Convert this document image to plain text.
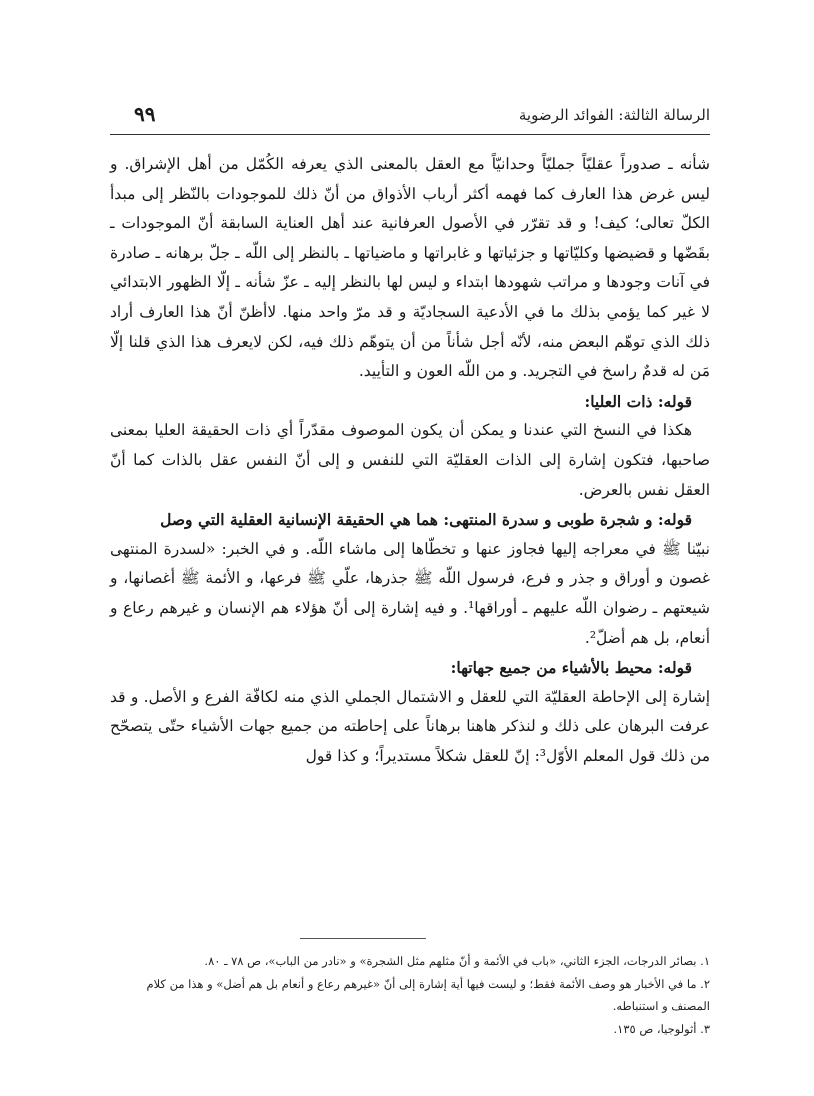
الرسالة الثالثة: الفوائد الرضوية
۹۹

شأنه ـ صدوراً عقليّاً جمليّاً وحدانيّاً مع العقل بالمعنى الذي يعرفه الكُمّل من أهل الإشراق. و ليس غرض هذا العارف كما فهمه أكثر أرباب الأذواق من أنّ ذلك للموجودات بالنّظر إلى مبدأ الكلّ تعالى؛ كيف! و قد تقرّر في الأصول العرفانية عند أهل العناية السابقة أنّ الموجودات ـ بقَضّها و قضيضها وكليّاتها و جزئياتها و غابراتها و ماضياتها ـ بالنظر إلى اللّه ـ جلّ برهانه ـ صادرة في آنات وجودها و مراتب شهودها ابتداء و ليس لها بالنظر إليه ـ عزّ شأنه ـ إلّا الظهور الابتدائي لا غير كما يؤمي بذلك ما في الأدعية السجاديّة و قد مرّ واحد منها. لاأظنّ أنّ هذا العارف أراد ذلك الذي توهّم البعض منه، لأنّه أجل شأناً من أن يتوهّم ذلك فيه، لكن لايعرف هذا الذي قلنا إلّا مَن له قدمٌ راسخ في التجريد. و من اللّه العون و التأييد.

قوله: ذات العليا:

هكذا في النسخ التي عندنا و يمكن أن يكون الموصوف مقدّراً أي ذات الحقيقة العليا بمعنى صاحبها، فتكون إشارة إلى الذات العقليّة التي للنفس و إلى أنّ النفس عقل بالذات كما أنّ العقل نفس بالعرض.

قوله: و شجرة طوبى و سدرة المنتهى: هما هي الحقيقة الإنسانية العقلية التي وصل

نبيّنا ﷺ في معراجه إليها فجاوز عنها و تخطّاها إلى ماشاء اللّه. و في الخبر: «لسدرة المنتهى غصون و أوراق و جذر و فرع، فرسول اللّه ﷺ جذرها، علّي ﷺ فرعها، و الأئمة ﷺ أغصانها، و شيعتهم ـ رضوان اللّه عليهم ـ أوراقها¹. و فيه إشارة إلى أنّ هؤلاء هم الإنسان و غيرهم رعاع و أنعام، بل هم أضلّ².

قوله: محيط بالأشياء من جميع جهاتها:

إشارة إلى الإحاطة العقليّة التي للعقل و الاشتمال الجملي الذي منه لكافّة الفرع و الأصل. و قد عرفت البرهان على ذلك و لنذكر هاهنا برهاناً على إحاطته من جميع جهات الأشياء حتّى يتصحّح من ذلك قول المعلم الأوّل³: إنّ للعقل شكلاً مستديراً؛ و كذا قول

١. بصائر الدرجات، الجزء الثاني، «باب في الأئمة و أنّ مثلهم مثل الشجرة» و «نادر من الباب»، ص ٧٨ ـ ٨٠.

٢. ما في الأخبار هو وصف الأئمة فقط؛ و ليست فيها أية إشارة إلى أنّ «غيرهم رعاع و أنعام بل هم أضل» و هذا من كلام المصنف و استنباطه.

٣. أثولوجيا، ص ١٣٥.
